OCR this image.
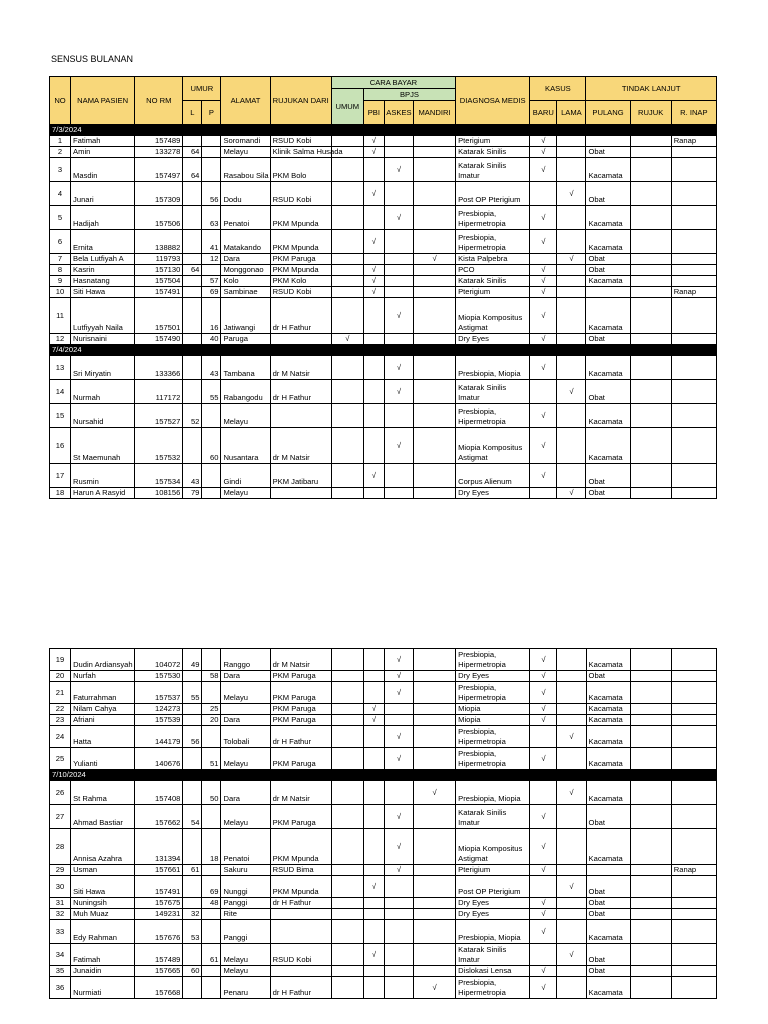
SENSUS BULANAN
NO	NAMA PASIEN	NO RM	UMUR		ALAMAT	RUJUKAN DARI	CARA BAYAR				DIAGNOSA MEDIS	KASUS		TINDAK LANJUT		
							UMUM	BPJS								
			L	P				PBI	ASKES	MANDIRI		BARU	LAMA	PULANG	RUJUK	R. INAP
7/3/2024																
1	Fatimah	157489			Soromandi	RSUD Kobi		√			Pterigium	√				Ranap
2	Amin	133278	64		Melayu	Klinik Salma Husada		√			Katarak Sinilis	√		Obat		
3	Masdin	157497	64		Rasabou Sila	PKM Bolo			√		Katarak Sinilis Imatur	√		Kacamata		
4	Junari	157309		56	Dodu	RSUD Kobi		√			Post OP Pterigium		√	Obat		
5	Hadijah	157506		63	Penatoi	PKM Mpunda			√		Presbiopia, Hipermetropia	√		Kacamata		
6	Ernita	138882		41	Matakando	PKM Mpunda		√			Presbiopia, Hipermetropia	√		Kacamata		
7	Bela Lutfiyah A	119793		12	Dara	PKM Paruga				√	Kista Palpebra		√	Obat		
8	Kasrin	157130	64		Monggonao	PKM Mpunda		√			PCO	√		Obat		
9	Hasnatang	157504		57	Kolo	PKM Kolo		√			Katarak Sinilis	√		Kacamata		
10	Siti Hawa	157491		69	Sambinae	RSUD Kobi		√			Pterigium	√				Ranap
11	Lutfiyyah Naila	157501		16	Jatiwangi	dr H Fathur			√		Miopia Kompositus Astigmat	√		Kacamata		
12	Nurisnaini	157490		40	Paruga		√				Dry Eyes	√		Obat		
7/4/2024																
13	Sri Miryatin	133366		43	Tambana	dr M Natsir			√		Presbiopia, Miopia	√		Kacamata		
14	Nurmah	117172		55	Rabangodu	dr H Fathur			√		Katarak Sinilis Imatur		√	Obat		
15	Nursahid	157527	52		Melayu						Presbiopia, Hipermetropia	√		Kacamata		
16	St Maemunah	157532		60	Nusantara	dr M Natsir			√		Miopia Kompositus Astigmat	√		Kacamata		
17	Rusmin	157534	43		Gindi	PKM Jatibaru		√			Corpus Alienum	√		Obat		
18	Harun A Rasyid	108156	79		Melayu						Dry Eyes		√	Obat		
19	Dudin Ardiansyah	104072	49		Ranggo	dr M Natsir			√		Presbiopia, Hipermetropia	√		Kacamata		
20	Nurfah	157530		58	Dara	PKM Paruga			√		Dry Eyes	√		Obat		
21	Faturrahman	157537	55		Melayu	PKM Paruga			√		Presbiopia, Hipermetropia	√		Kacamata		
22	Nilam Cahya	124273		25		PKM Paruga		√			Miopia	√		Kacamata		
23	Afriani	157539		20	Dara	PKM Paruga		√			Miopia	√		Kacamata		
24	Hatta	144179	56		Tolobali	dr H Fathur			√		Presbiopia, Hipermetropia		√	Kacamata		
25	Yulianti	140676		51	Melayu	PKM Paruga			√		Presbiopia, Hipermetropia	√		Kacamata		
7/10/2024																
26	St Rahma	157408		50	Dara	dr M Natsir				√	Presbiopia, Miopia		√	Kacamata		
27	Ahmad Bastiar	157662	54		Melayu	PKM Paruga			√		Katarak Sinilis Imatur	√		Obat		
28	Annisa Azahra	131394		18	Penatoi	PKM Mpunda			√		Miopia Kompositus Astigmat	√		Kacamata		
29	Usman	157661	61		Sakuru	RSUD Bima			√		Pterigium	√				Ranap
30	Siti Hawa	157491		69	Nunggi	PKM Mpunda		√			Post OP Pterigium		√	Obat		
31	Nuningsih	157675		48	Panggi	dr H Fathur					Dry Eyes	√		Obat		
32	Muh Muaz	149231	32		Rite						Dry Eyes	√		Obat		
33	Edy Rahman	157676	53		Panggi						Presbiopia, Miopia	√		Kacamata		
34	Fatimah	157489		61	Melayu	RSUD Kobi		√			Katarak Sinilis Imatur		√	Obat		
35	Junaidin	157665	60		Melayu						Dislokasi Lensa	√		Obat		
36	Nurmiati	157668			Penaru	dr H Fathur				√	Presbiopia, Hipermetropia	√		Kacamata		
